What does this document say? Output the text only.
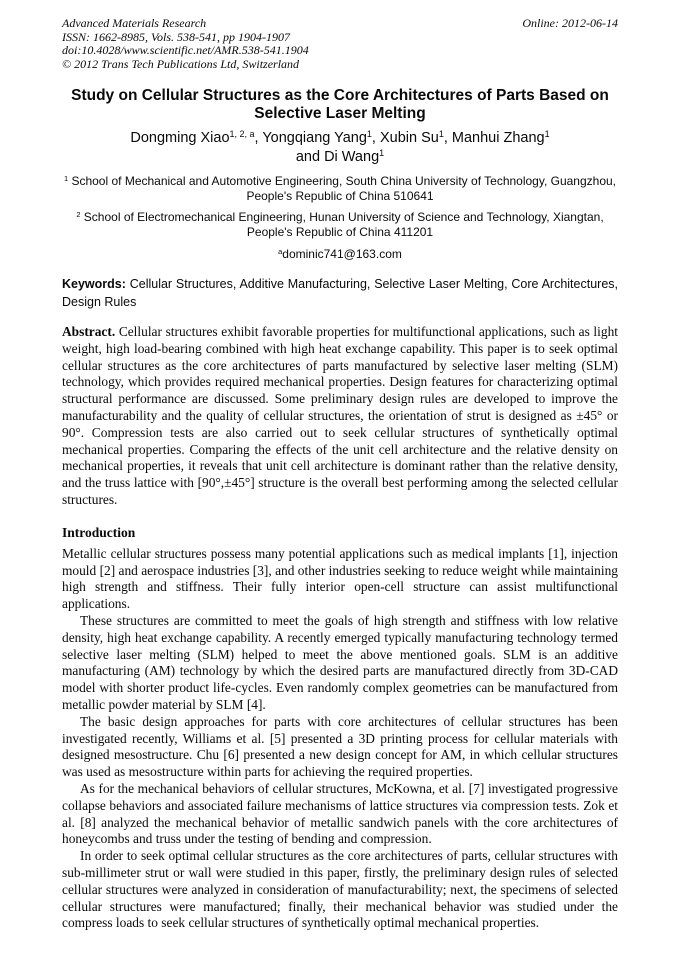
Advanced Materials Research
ISSN: 1662-8985, Vols. 538-541, pp 1904-1907
doi:10.4028/www.scientific.net/AMR.538-541.1904
© 2012 Trans Tech Publications Ltd, Switzerland
Online: 2012-06-14
Study on Cellular Structures as the Core Architectures of Parts Based on
Selective Laser Melting
Dongming Xiao$^{1, 2, a}$, Yongqiang Yang$^1$, Xubin Su$^1$, Manhui Zhang$^1$
and Di Wang$^1$
$^1$ School of Mechanical and Automotive Engineering, South China University of Technology, Guangzhou, People's Republic of China 510641
$^2$ School of Electromechanical Engineering, Hunan University of Science and Technology, Xiangtan, People's Republic of China 411201
$^a$dominic741@163.com
Keywords: Cellular Structures, Additive Manufacturing, Selective Laser Melting, Core Architectures, Design Rules
Abstract. Cellular structures exhibit favorable properties for multifunctional applications, such as light weight, high load-bearing combined with high heat exchange capability. This paper is to seek optimal cellular structures as the core architectures of parts manufactured by selective laser melting (SLM) technology, which provides required mechanical properties. Design features for characterizing optimal structural performance are discussed. Some preliminary design rules are developed to improve the manufacturability and the quality of cellular structures, the orientation of strut is designed as ±45° or 90°. Compression tests are also carried out to seek cellular structures of synthetically optimal mechanical properties. Comparing the effects of the unit cell architecture and the relative density on mechanical properties, it reveals that unit cell architecture is dominant rather than the relative density, and the truss lattice with [90°,±45°] structure is the overall best performing among the selected cellular structures.
Introduction

Metallic cellular structures possess many potential applications such as medical implants [1], injection mould [2] and aerospace industries [3], and other industries seeking to reduce weight while maintaining high strength and stiffness. Their fully interior open-cell structure can assist multifunctional applications.

These structures are committed to meet the goals of high strength and stiffness with low relative density, high heat exchange capability. A recently emerged typically manufacturing technology termed selective laser melting (SLM) helped to meet the above mentioned goals. SLM is an additive manufacturing (AM) technology by which the desired parts are manufactured directly from 3D-CAD model with shorter product life-cycles. Even randomly complex geometries can be manufactured from metallic powder material by SLM [4].

The basic design approaches for parts with core architectures of cellular structures has been investigated recently, Williams et al. [5] presented a 3D printing process for cellular materials with designed mesostructure. Chu [6] presented a new design concept for AM, in which cellular structures was used as mesostructure within parts for achieving the required properties.

As for the mechanical behaviors of cellular structures, McKowna, et al. [7] investigated progressive collapse behaviors and associated failure mechanisms of lattice structures via compression tests. Zok et al. [8] analyzed the mechanical behavior of metallic sandwich panels with the core architectures of honeycombs and truss under the testing of bending and compression.

In order to seek optimal cellular structures as the core architectures of parts, cellular structures with sub-millimeter strut or wall were studied in this paper, firstly, the preliminary design rules of selected cellular structures were analyzed in consideration of manufacturability; next, the specimens of selected cellular structures were manufactured; finally, their mechanical behavior was studied under the compress loads to seek cellular structures of synthetically optimal mechanical properties.
